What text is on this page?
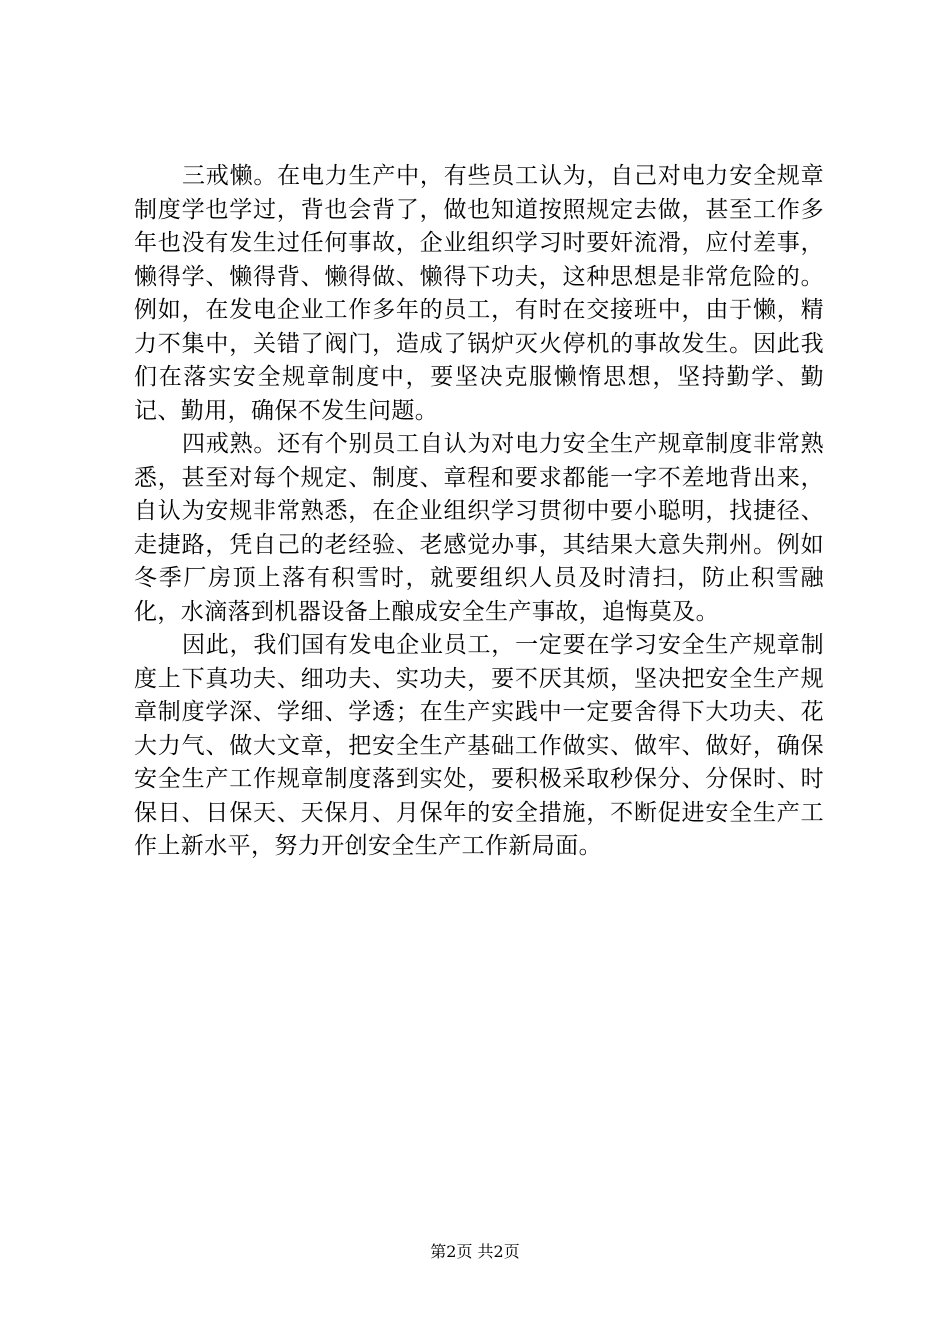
三戒懒。在电力生产中，有些员工认为，自己对电力安全规章制度学也学过，背也会背了，做也知道按照规定去做，甚至工作多年也没有发生过任何事故，企业组织学习时要奸流滑，应付差事，懒得学、懒得背、懒得做、懒得下功夫，这种思想是非常危险的。例如，在发电企业工作多年的员工，有时在交接班中，由于懒，精力不集中，关错了阀门，造成了锅炉灭火停机的事故发生。因此我们在落实安全规章制度中，要坚决克服懒惰思想，坚持勤学、勤记、勤用，确保不发生问题。

四戒熟。还有个别员工自认为对电力安全生产规章制度非常熟悉，甚至对每个规定、制度、章程和要求都能一字不差地背出来，自认为安规非常熟悉，在企业组织学习贯彻中要小聪明，找捷径、走捷路，凭自己的老经验、老感觉办事，其结果大意失荆州。例如冬季厂房顶上落有积雪时，就要组织人员及时清扫，防止积雪融化，水滴落到机器设备上酿成安全生产事故，追悔莫及。

因此，我们国有发电企业员工，一定要在学习安全生产规章制度上下真功夫、细功夫、实功夫，要不厌其烦，坚决把安全生产规章制度学深、学细、学透；在生产实践中一定要舍得下大功夫、花大力气、做大文章，把安全生产基础工作做实、做牢、做好，确保安全生产工作规章制度落到实处，要积极采取秒保分、分保时、时保日、日保天、天保月、月保年的安全措施，不断促进安全生产工作上新水平，努力开创安全生产工作新局面。

第2页 共2页
